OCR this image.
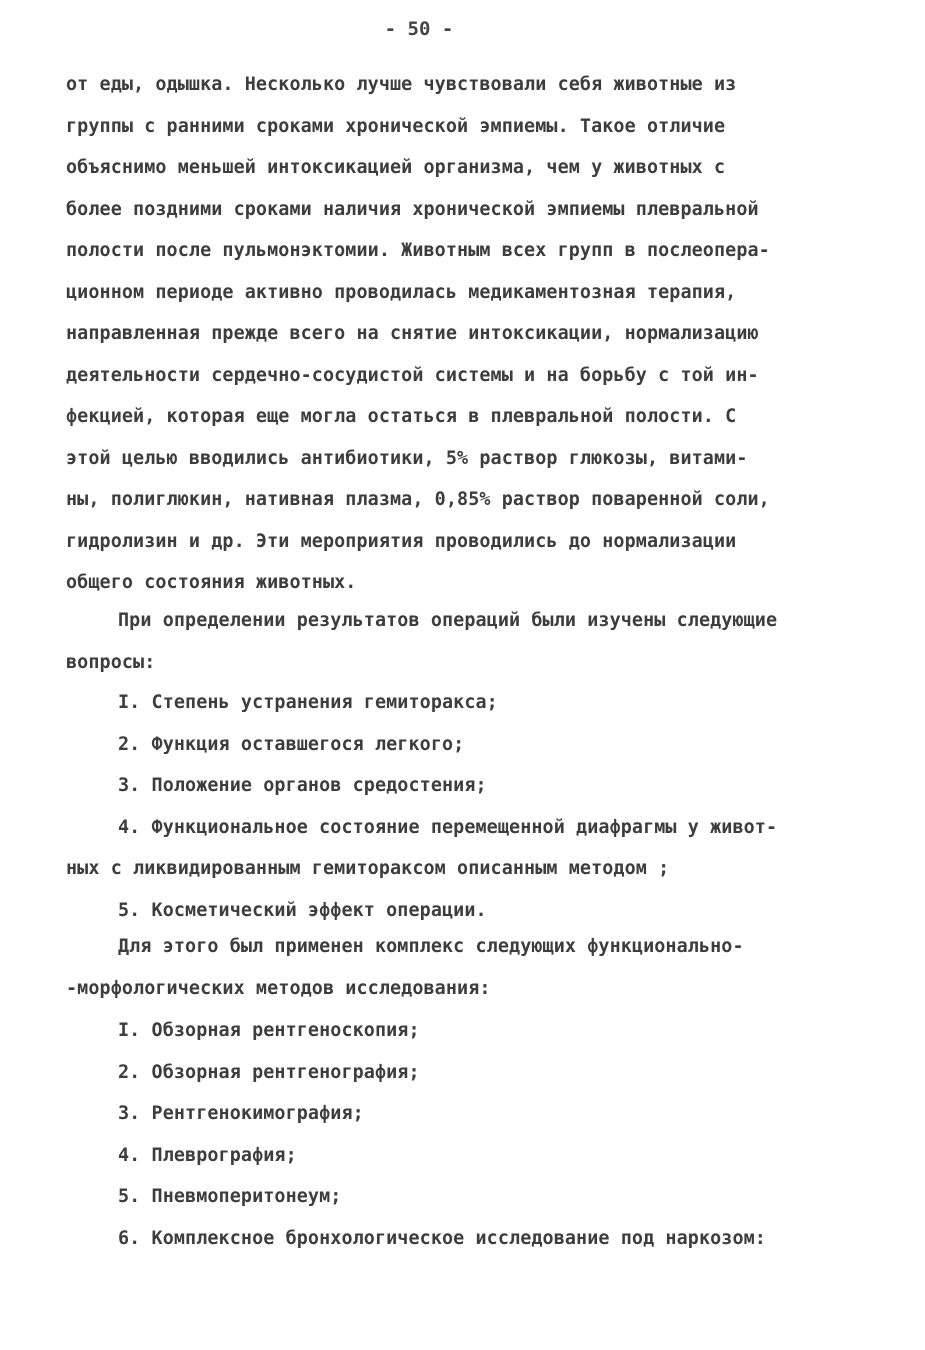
- 50 -
от еды, одышка. Несколько лучше чувствовали себя животные из
группы с ранними сроками хронической эмпиемы. Такое отличие
объяснимо меньшей интоксикацией организма, чем у животных с
более поздними сроками наличия хронической эмпиемы плевральной
полости после пульмонэктомии. Животным всех групп в послеопера-
ционном периоде активно проводилась медикаментозная терапия,
направленная прежде всего на снятие интоксикации, нормализацию
деятельности сердечно-сосудистой системы и на борьбу с той ин-
фекцией, которая еще могла остаться в плевральной полости. С
этой целью вводились антибиотики, 5% раствор глюкозы, витами-
ны, полиглюкин, нативная плазма, 0,85% раствор поваренной соли,
гидролизин и др. Эти мероприятия проводились до нормализации
общего состояния животных.
При определении результатов операций были изучены следующие
вопросы:
I. Степень устранения гемиторакса;
2. Функция оставшегося легкого;
3. Положение органов средостения;
4. Функциональное состояние перемещенной диафрагмы у живот-
ных с ликвидированным гемитораксом описанным методом ;
5. Косметический эффект операции.
Для этого был применен комплекс следующих функционально-
-морфологических методов исследования:
I. Обзорная рентгеноскопия;
2. Обзорная рентгенография;
3. Рентгенокимография;
4. Плеврография;
5. Пневмоперитонеум;
6. Комплексное бронхологическое исследование под наркозом:
